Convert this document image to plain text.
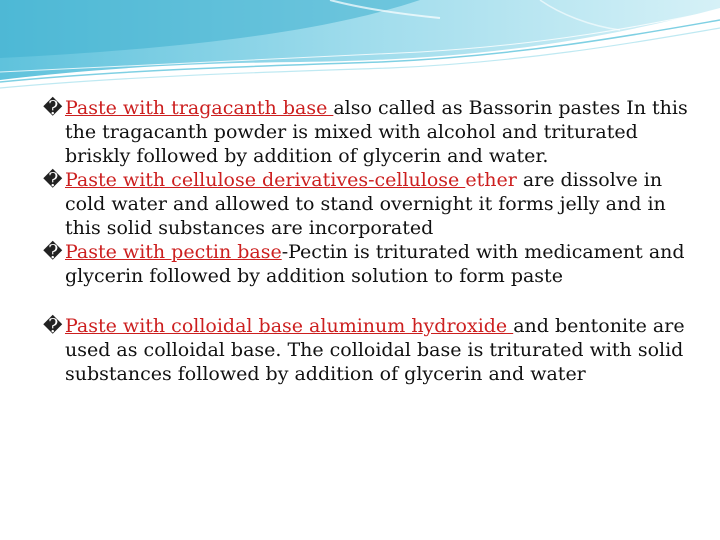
� Paste with tragacanth base also called as Bassorin pastes In this the tragacanth powder is mixed with alcohol and triturated briskly followed by addition of glycerin and water.

� Paste with cellulose derivatives-cellulose ether are dissolve in cold water and allowed to stand overnight it forms jelly and in this solid substances are incorporated

� Paste with pectin base-Pectin is triturated with medicament and glycerin followed by addition solution to form paste

� Paste with colloidal base aluminum hydroxide and bentonite are used as colloidal base. The colloidal base is triturated with solid substances followed by addition of glycerin and water
